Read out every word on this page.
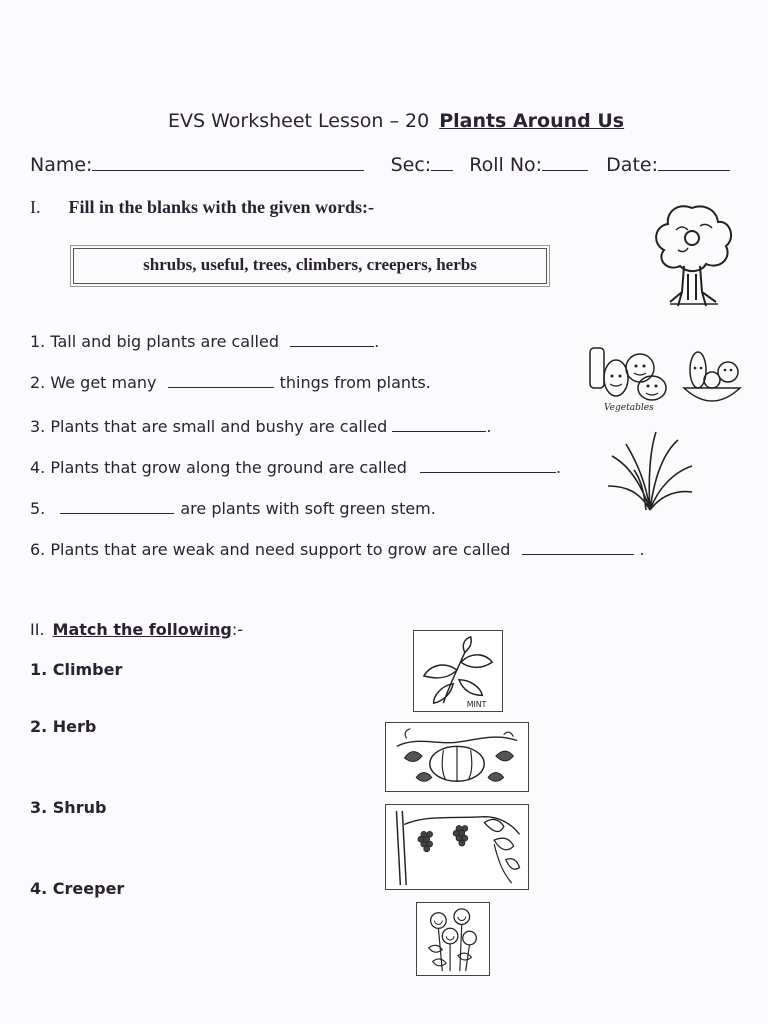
EVS Worksheet Lesson – 20 Plants Around Us
Name:	Sec: Roll No:	Date:
I. Fill in the blanks with the given words:-
shrubs, useful, trees, climbers, creepers, herbs
1. Tall and big plants are called	.
2. We get many	things from plants.
3. Plants that are small and bushy are called	.
4. Plants that grow along the ground are called	.
5.	are plants with soft green stem.
6. Plants that are weak and need support to grow are called	.
Vegetables
II. Match the following:-
1. Climber
2. Herb
3. Shrub
4. Creeper
MINT
